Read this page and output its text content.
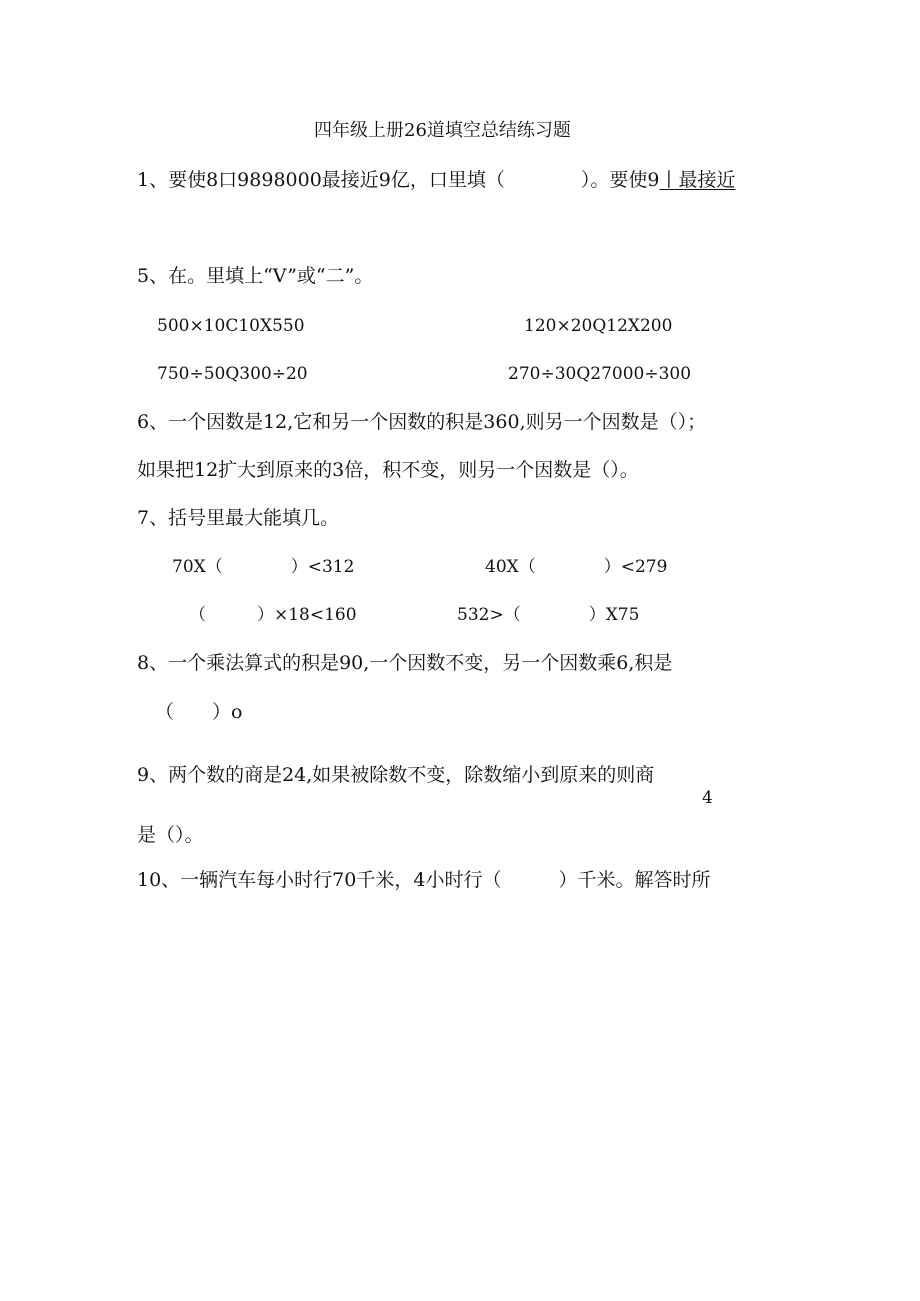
四年级上册26道填空总结练习题
1、要使8口9898000最接近9亿，口里填（　　　　）。要使9丨最接近
5、在。里填上“V”或“二”。
500×10C10X550	120×20Q12X200
750÷50Q300÷20	270÷30Q27000÷300
6、一个因数是12,它和另一个因数的积是360,则另一个因数是（）；
如果把12扩大到原来的3倍，积不变，则另一个因数是（）。
7、括号里最大能填几。
70X（　　　　）<312	40X（　　　　）<279
（　　　）×18<160	532>（　　　　）X75
8、一个乘法算式的积是90,一个因数不变，另一个因数乘6,积是
（　　）o
9、两个数的商是24,如果被除数不变，除数缩小到原来的则商
4
是（）。
10、一辆汽车每小时行70千米，4小时行（　　　）千米。解答时所
